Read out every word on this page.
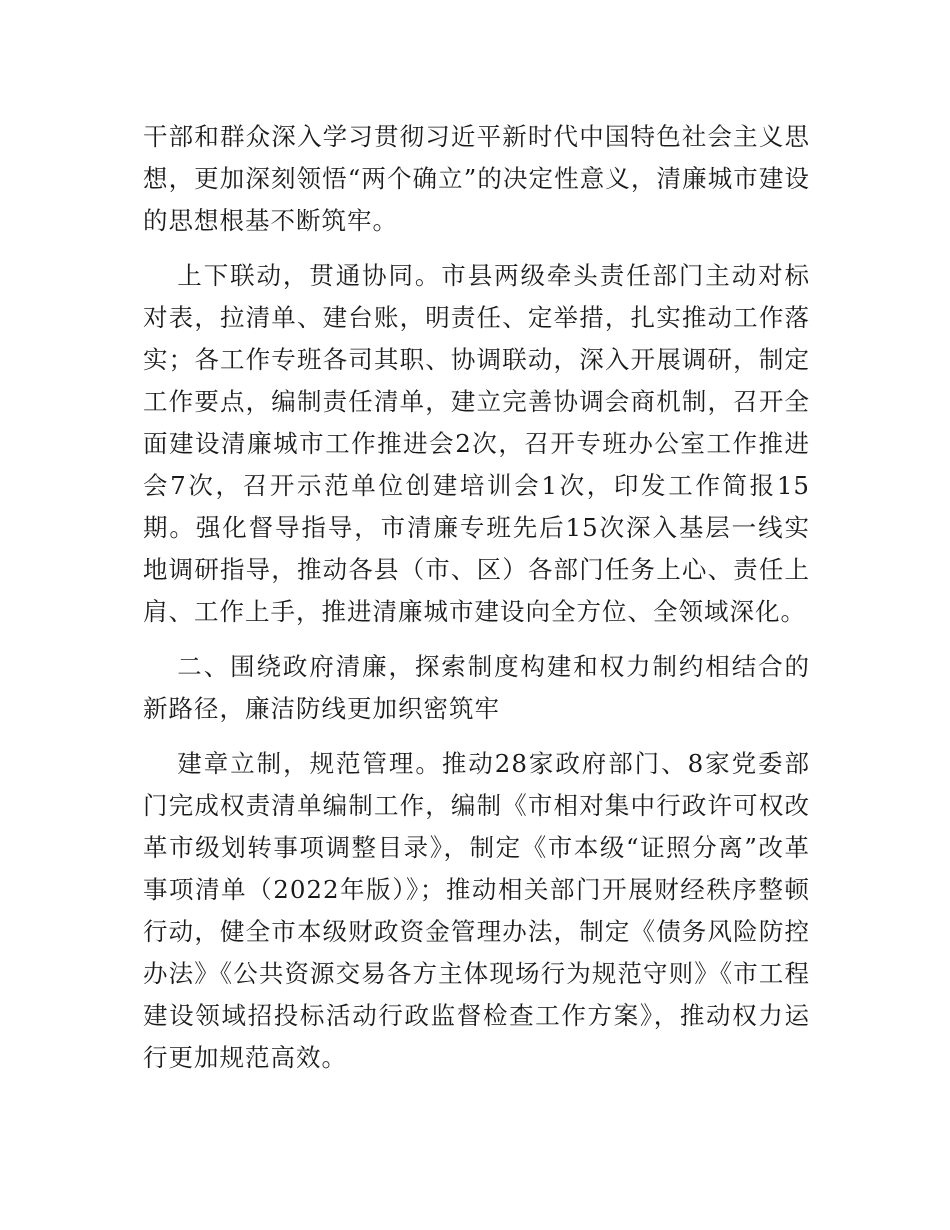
干部和群众深入学习贯彻习近平新时代中国特色社会主义思想，更加深刻领悟“两个确立”的决定性意义，清廉城市建设的思想根基不断筑牢。

上下联动，贯通协同。市县两级牵头责任部门主动对标对表，拉清单、建台账，明责任、定举措，扎实推动工作落实；各工作专班各司其职、协调联动，深入开展调研，制定工作要点，编制责任清单，建立完善协调会商机制，召开全面建设清廉城市工作推进会2次，召开专班办公室工作推进会7次，召开示范单位创建培训会1次，印发工作简报15期。强化督导指导，市清廉专班先后15次深入基层一线实地调研指导，推动各县（市、区）各部门任务上心、责任上肩、工作上手，推进清廉城市建设向全方位、全领域深化。

二、围绕政府清廉，探索制度构建和权力制约相结合的新路径，廉洁防线更加织密筑牢

建章立制，规范管理。推动28家政府部门、8家党委部门完成权责清单编制工作，编制《市相对集中行政许可权改革市级划转事项调整目录》，制定《市本级“证照分离”改革事项清单（2022年版）》；推动相关部门开展财经秩序整顿行动，健全市本级财政资金管理办法，制定《债务风险防控办法》《公共资源交易各方主体现场行为规范守则》《市工程建设领域招投标活动行政监督检查工作方案》，推动权力运行更加规范高效。
